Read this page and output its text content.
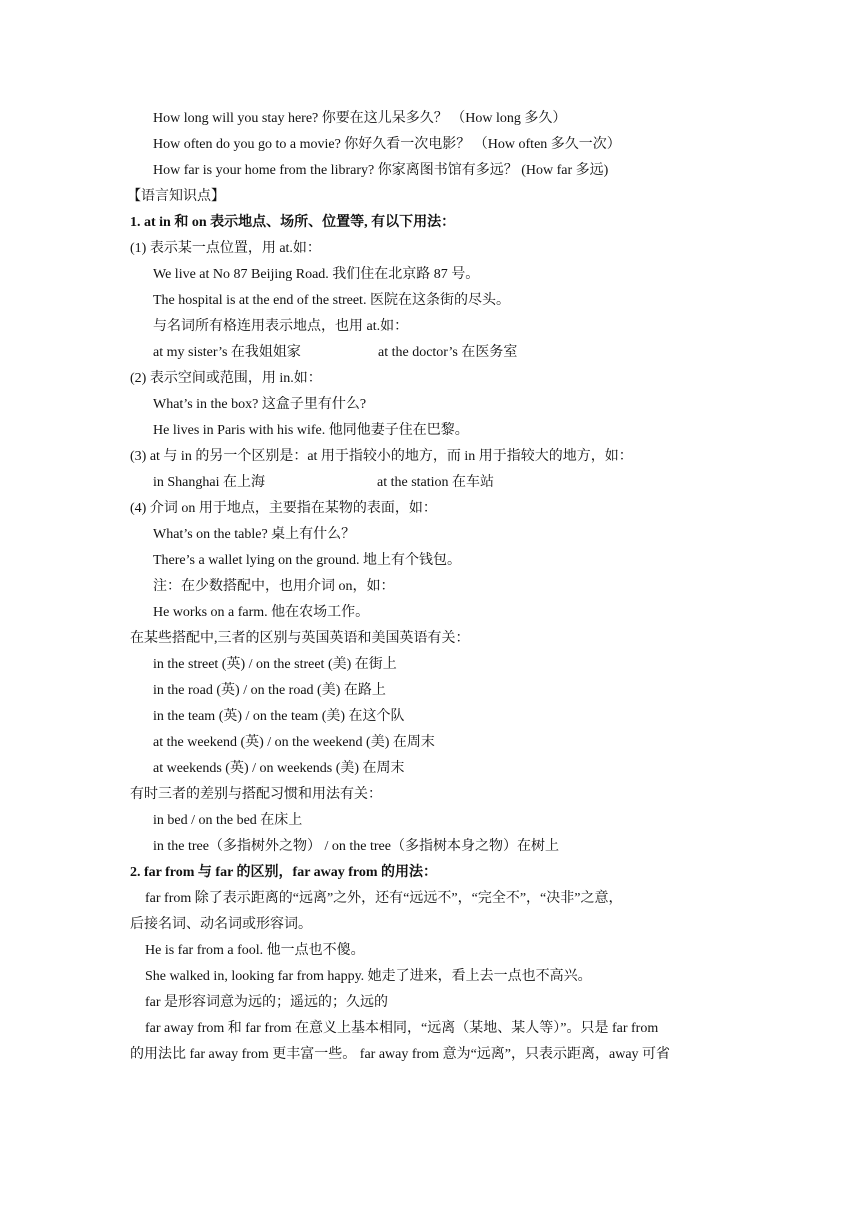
How long will you stay here? 你要在这儿呆多久？ （How long 多久）
How often do you go to a movie? 你好久看一次电影？ （How often 多久一次）
How far is your home from the library? 你家离图书馆有多远？ (How far 多远)
【语言知识点】
1. at in 和 on 表示地点、场所、位置等, 有以下用法：
(1) 表示某一点位置，用 at.如：
We live at No 87 Beijing Road. 我们住在北京路 87 号。
The hospital is at the end of the street. 医院在这条街的尽头。
与名词所有格连用表示地点，也用 at.如：
at my sister’s 在我姐姐家	at the doctor’s 在医务室
(2) 表示空间或范围，用 in.如：
What’s in the box? 这盒子里有什么?
He lives in Paris with his wife. 他同他妻子住在巴黎。
(3) at 与 in 的另一个区别是：at 用于指较小的地方，而 in 用于指较大的地方，如：
in Shanghai 在上海	at the station 在车站
(4) 介词 on 用于地点，主要指在某物的表面，如：
What’s on the table? 桌上有什么？
There’s a wallet lying on the ground. 地上有个钱包。
注：在少数搭配中，也用介词 on，如：
He works on a farm. 他在农场工作。
在某些搭配中,三者的区别与英国英语和美国英语有关：
in the street (英) / on the street (美) 在街上
in the road (英) / on the road (美) 在路上
in the team (英) / on the team (美) 在这个队
at the weekend (英) / on the weekend (美) 在周末
at weekends (英) / on weekends (美) 在周末
有时三者的差别与搭配习惯和用法有关：
in bed / on the bed 在床上
in the tree（多指树外之物） / on the tree（多指树本身之物）在树上
2. far from 与 far 的区别，far away from 的用法：
far from 除了表示距离的“远离”之外，还有“远远不”，“完全不”，“决非”之意，
后接名词、动名词或形容词。
He is far from a fool. 他一点也不傻。
She walked in, looking far from happy. 她走了进来，看上去一点也不高兴。
far 是形容词意为远的；遥远的；久远的
far away from 和 far from 在意义上基本相同，“远离（某地、某人等）”。只是 far from
的用法比 far away from 更丰富一些。 far away from 意为“远离”，只表示距离，away 可省
